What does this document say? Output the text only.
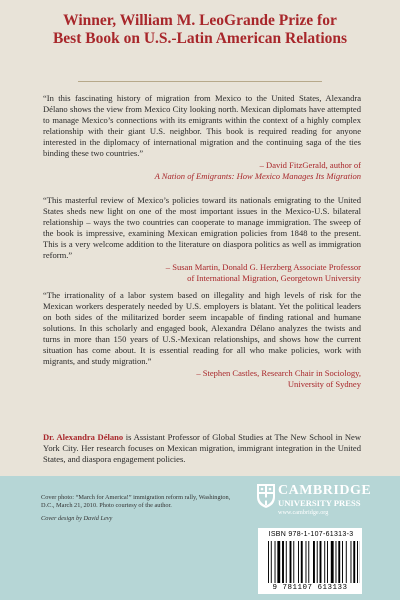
Winner, William M. LeoGrande Prize for
Best Book on U.S.-Latin American Relations

“In this fascinating history of migration from Mexico to the United States, Alexandra Délano shows the view from Mexico City looking north. Mexican diplomats have attempted to manage Mexico’s connections with its emigrants within the context of a highly complex relationship with their giant U.S. neighbor. This book is required reading for anyone interested in the diplomacy of international migration and the continuing saga of the ties binding these two countries.”

– David FitzGerald, author of
A Nation of Emigrants: How Mexico Manages Its Migration

“This masterful review of Mexico’s policies toward its nationals emigrating to the United States sheds new light on one of the most important issues in the Mexico-U.S. bilateral relationship – ways the two countries can cooperate to manage immigration. The sweep of the book is impressive, examining Mexican emigration policies from 1848 to the present. This is a very welcome addition to the literature on diaspora politics as well as immigration reform.”

– Susan Martin, Donald G. Herzberg Associate Professor
of International Migration, Georgetown University

“The irrationality of a labor system based on illegality and high levels of risk for the Mexican workers desperately needed by U.S. employers is blatant. Yet the political leaders on both sides of the militarized border seem incapable of finding rational and humane solutions. In this scholarly and engaged book, Alexandra Délano analyzes the twists and turns in more than 150 years of U.S.-Mexican relationships, and shows how the current situation has come about. It is essential reading for all who make policies, work with migrants, and study migration.”

– Stephen Castles, Research Chair in Sociology,
University of Sydney
Dr. Alexandra Délano is Assistant Professor of Global Studies at The New School in New York City. Her research focuses on Mexican migration, immigrant integration in the United States, and diaspora engagement policies.
Cover photo: “March for America!” immigration reform rally, Washington, D.C., March 21, 2010. Photo courtesy of the author.
Cover design by David Levy
CAMBRIDGE
UNIVERSITY PRESS
www.cambridge.org
ISBN 978-1-107-61313-3
9 781107 613133
